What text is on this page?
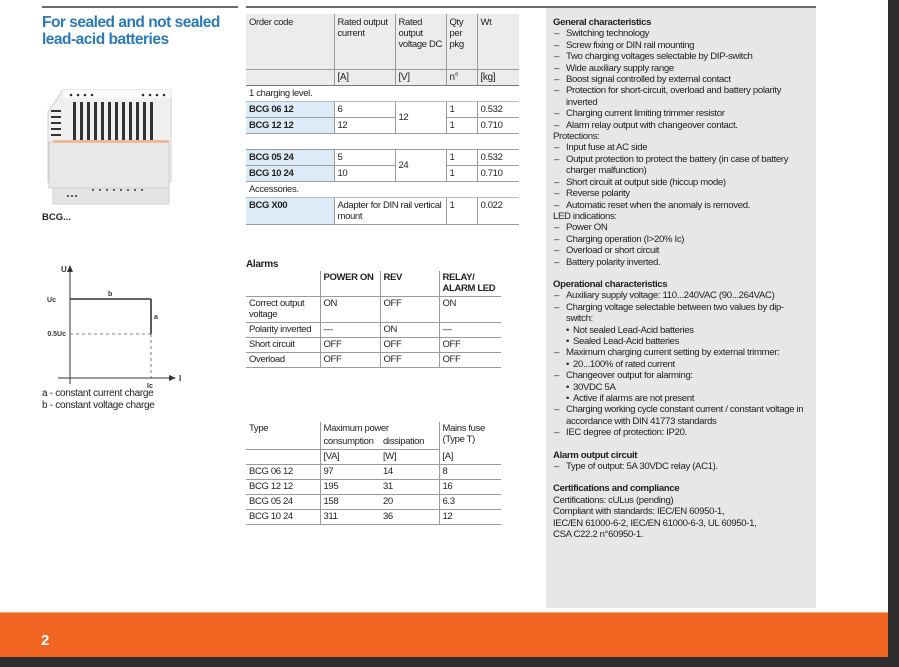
For sealed and not sealed lead-acid batteries
BCG...
U
I
Uc
0.5Uc
Ic
b
a
a - constant current charge
b - constant voltage charge
Order code	Rated output current	Rated output voltage DC	Qty per pkg	Wt
	[A]	[V]	n°	[kg]
1 charging level.				
BCG 06 12	6	12	1	0.532
BCG 12 12	12		1	0.710

BCG 05 24	5	24	1	0.532
BCG 10 24	10		1	0.710
Accessories.				
BCG X00	Adapter for DIN rail vertical mount		1	0.022
Alarms
	POWER ON	REV	RELAY/ ALARM LED
Correct output voltage	ON	OFF	ON
Polarity inverted	—	ON	—
Short circuit	OFF	OFF	OFF
Overload	OFF	OFF	OFF
Type	Maximum power		Mains fuse (Type T)
	consumption	dissipation	
	[VA]	[W]	[A]
BCG 06 12	97	14	8
BCG 12 12	195	31	16
BCG 05 24	158	20	6.3
BCG 10 24	311	36	12
General characteristics
– Switching technology
– Screw fixing or DIN rail mounting
– Two charging voltages selectable by DIP-switch
– Wide auxiliary supply range
– Boost signal controlled by external contact
– Protection for short-circuit, overload and battery polarity inverted
– Charging current limiting trimmer resistor
– Alarm relay output with changeover contact.
Protections:
– Input fuse at AC side
– Output protection to protect the battery (in case of battery charger malfunction)
– Short circuit at output side (hiccup mode)
– Reverse polarity
– Automatic reset when the anomaly is removed.
LED indications:
– Power ON
– Charging operation (I>20% Ic)
– Overload or short circuit
– Battery polarity inverted.
Operational characteristics
– Auxiliary supply voltage: 110...240VAC (90...264VAC)
– Charging voltage selectable between two values by dip-switch:
• Not sealed Lead-Acid batteries
• Sealed Lead-Acid batteries
– Maximum charging current setting by external trimmer:
• 20...100% of rated current
– Changeover output for alarming:
• 30VDC 5A
• Active if alarms are not present
– Charging working cycle constant current / constant voltage in accordance with DIN 41773 standards
– IEC degree of protection: IP20.
Alarm output circuit
– Type of output: 5A 30VDC relay (AC1).
Certifications and compliance
Certifications: cULus (pending)
Compliant with standards: IEC/EN 60950-1,
IEC/EN 61000-6-2, IEC/EN 61000-6-3, UL 60950-1,
CSA C22.2 n°60950-1.
2
